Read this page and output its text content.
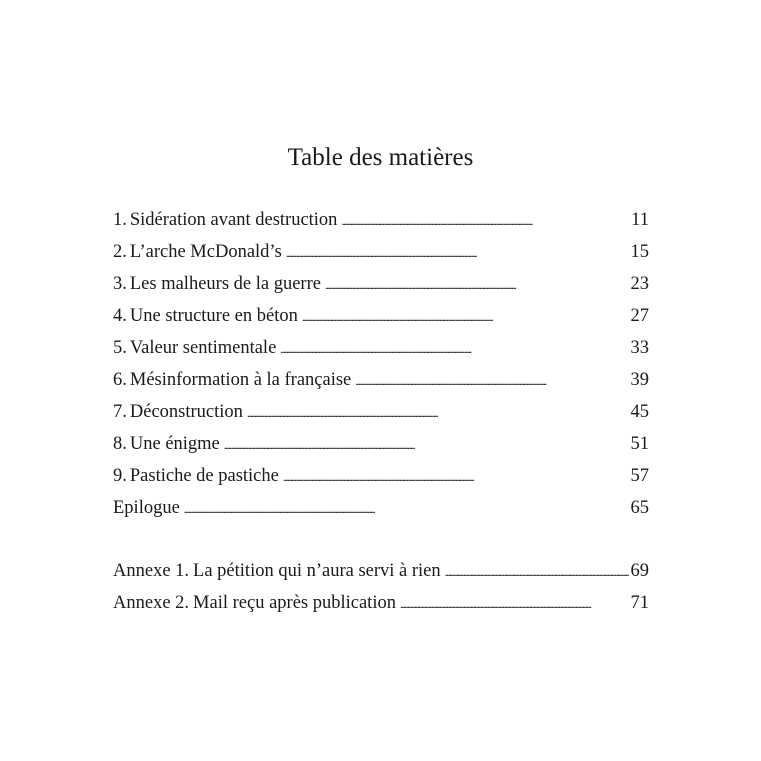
Table des matières
1. Sidération avant destruction . . .	11
2. L’arche McDonald’s . . .	15
3. Les malheurs de la guerre . . .	23
4. Une structure en béton . . .	27
5. Valeur sentimentale . . .	33
6. Mésinformation à la française . . .	39
7. Déconstruction . . .	45
8. Une énigme . . .	51
9. Pastiche de pastiche . . .	57
Epilogue . . .	65
Annexe 1. La pétition qui n’aura servi à rien . . .	69
Annexe 2. Mail reçu après publication . . .	71
